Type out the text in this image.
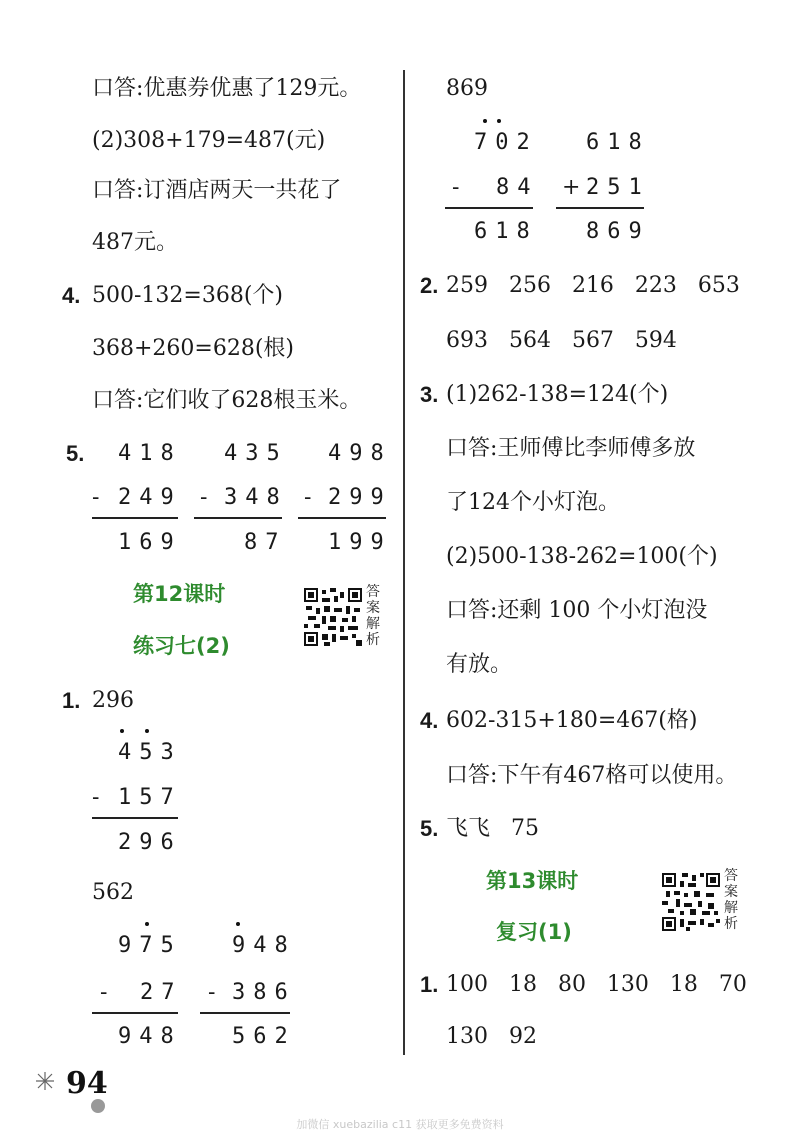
口答:优惠券优惠了129元。
(2)308+179=487(元)
口答:订酒店两天一共花了
487元。
4. 500-132=368(个)
368+260=628(根)
口答:它们收了628根玉米。
5. 418
- 249
169
435
- 348
87
498
- 299
199
第12课时
练习七(2)
答案解析
1. 296
453
- 157
296
562
975
- 27
948
948
- 386
562
869
702
- 84
618
618
+ 251
869
2. 259   256   216   223   653
693   564   567   594
3. (1)262-138=124(个)
口答:王师傅比李师傅多放
了124个小灯泡。
(2)500-138-262=100(个)
口答:还剩 100 个小灯泡没
有放。
4. 602-315+180=467(格)
口答:下午有467格可以使用。
5. 飞飞   75
第13课时
复习(1)
答案解析
1. 100   18   80   130   18   70
130   92
94
加微信 xuebazilia c11 获取更多免费资料
